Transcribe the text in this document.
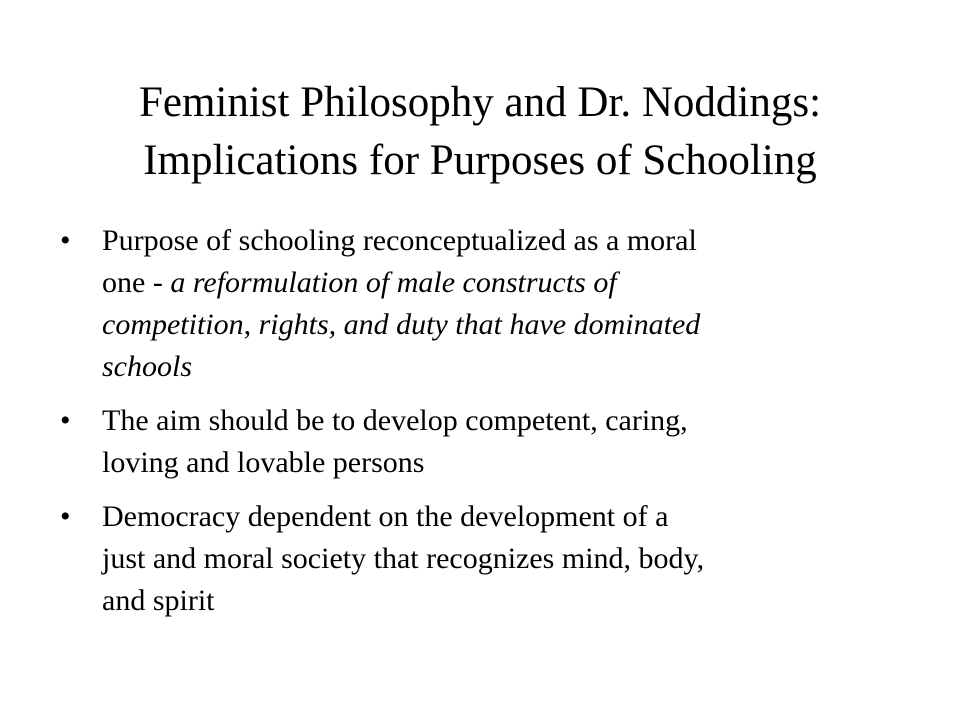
Feminist Philosophy and Dr. Noddings:
Implications for Purposes of Schooling
•	Purpose of schooling reconceptualized as a moral
one - a reformulation of male constructs of
competition, rights, and duty that have dominated
schools
•	The aim should be to develop competent, caring,
loving and lovable persons
•	Democracy dependent on the development of a
just and moral society that recognizes mind, body,
and spirit
